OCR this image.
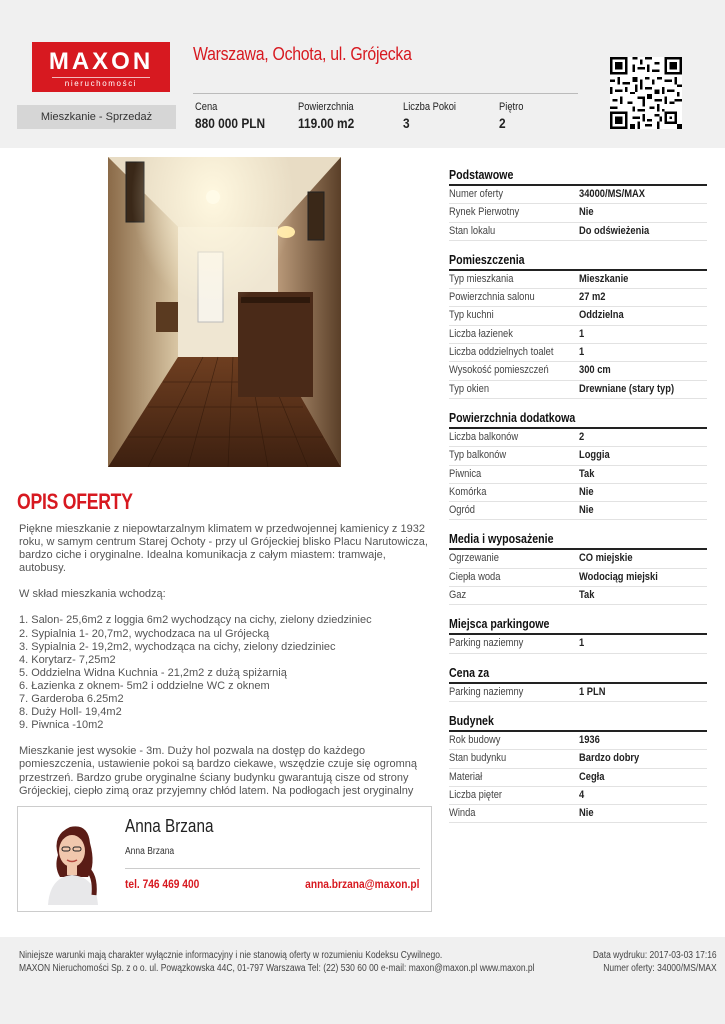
MAXON
nieruchomości
Warszawa, Ochota, ul. Grójecka
Mieszkanie - Sprzedaż
Cena
880 000 PLN
Powierzchnia
119.00 m2
Liczba Pokoi
3
Piętro
2
OPIS OFERTY

Piękne mieszkanie z niepowtarzalnym klimatem w przedwojennej kamienicy z 1932 roku, w samym centrum Starej Ochoty - przy ul Grójeckiej blisko Placu Narutowicza, bardzo ciche i oryginalne. Idealna komunikacja z całym miastem: tramwaje, autobusy.

W skład mieszkania wchodzą:

1. Salon- 25,6m2 z loggia 6m2 wychodzący na cichy, zielony dziedziniec
2. Sypialnia 1- 20,7m2, wychodzaca na ul Grójecką
3. Sypialnia 2- 19,2m2, wychodząca na cichy, zielony dziedziniec
4. Korytarz- 7,25m2
5. Oddzielna Widna Kuchnia - 21,2m2 z dużą spiżarnią
6. Łazienka z oknem- 5m2 i oddzielne WC z oknem
7. Garderoba 6.25m2
8. Duży Holl- 19,4m2
9. Piwnica -10m2

Mieszkanie jest wysokie - 3m. Duży hol pozwala na dostęp do każdego pomieszczenia, ustawienie pokoi są bardzo ciekawe, wszędzie czuje się ogromną przestrzeń. Bardzo grube oryginalne ściany budynku gwarantują cisze od strony Grójeckiej, ciepło zimą oraz przyjemny chłód latem. Na podłogach jest oryginalny

Anna Brzana
Anna Brzana
tel. 746 469 400	anna.brzana@maxon.pl
Podstawowe
Numer oferty	34000/MS/MAX
Rynek Pierwotny	Nie
Stan lokalu	Do odświeżenia
Pomieszczenia
Typ mieszkania	Mieszkanie
Powierzchnia salonu	27 m2
Typ kuchni	Oddzielna
Liczba łazienek	1
Liczba oddzielnych toalet 1
Wysokość pomieszczeń	300 cm
Typ okien	Drewniane (stary typ)
Powierzchnia dodatkowa
Liczba balkonów	2
Typ balkonów	Loggia
Piwnica	Tak
Komórka	Nie
Ogród	Nie
Media i wyposażenie
Ogrzewanie	CO miejskie
Ciepła woda	Wodociąg miejski
Gaz	Tak
Miejsca parkingowe
Parking naziemny	1
Cena za
Parking naziemny	1 PLN
Budynek
Rok budowy	1936
Stan budynku	Bardzo dobry
Materiał	Cegła
Liczba pięter	4
Winda	Nie
Niniejsze warunki mają charakter wyłącznie informacyjny i nie stanowią oferty w rozumieniu Kodeksu Cywilnego.
MAXON Nieruchomości Sp. z o o. ul. Powązkowska 44C, 01-797 Warszawa Tel: (22) 530 60 00 e-mail: maxon@maxon.pl www.maxon.pl
Data wydruku: 2017-03-03 17:16
Numer oferty: 34000/MS/MAX
